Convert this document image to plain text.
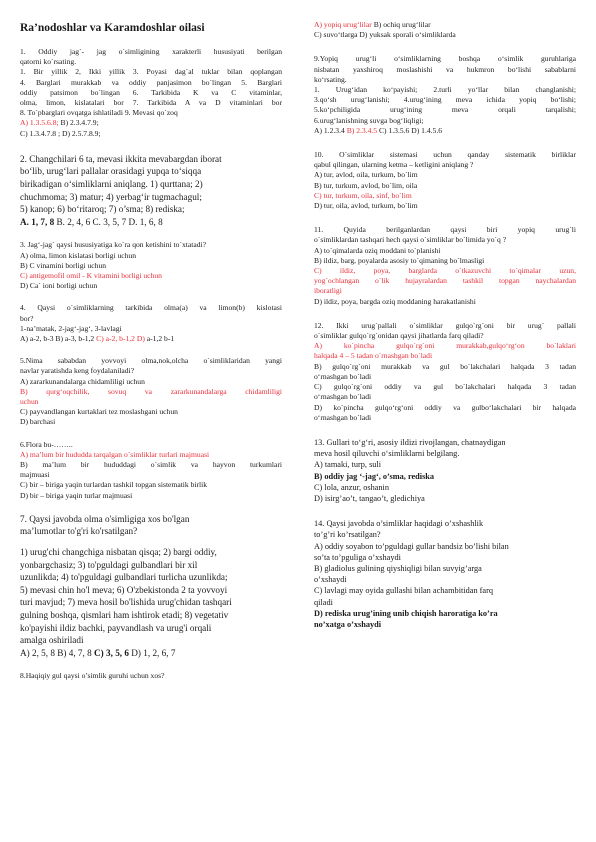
Ra’nodoshlar va Karamdoshlar oilasi
1. Oddiy jag`- jag o`simligining xarakterli hususiyati berilgan
qatorni ko`rsating.
1. Bir yillik 2, Ikki yillik 3. Poyasi dag`al tuklar bilan qoplangan
4. Barglari murakkab va oddiy panjasimon bo`lingan 5. Barglari
oddiy patsimon bo`lingan 6. Tarkibida K va C vitaminlar,
olma, limon, kislatalari bor 7. Tarkibida A va D vitaminlari bor
8. To`pbarglari ovqatga ishlatiladi 9. Mevasi qo`zoq
A) 1.3.5.6.8; B) 2.3.4.7.9;
C) 1.3.4.7.8 ; D) 2.5.7.8.9;
2. Changchilari 6 ta, mevasi ikkita mevabargdan iborat
bo‘lib, urug‘lari pallalar orasidagi yupqa to‘siqqa
birikadigan o‘simliklarni aniqlang. 1) qurttana; 2)
chuchmoma; 3) matur; 4) yerbag‘ir tugmachagul;
5) kanop; 6) bo‘ritaroq; 7) o’sma; 8) rediska;
A. 1, 7, 8 B. 2, 4, 6 C. 3, 5, 7 D. 1, 6, 8
3. Jag‘-jag` qaysi hususiyatiga ko`ra qon ketishini to`xtatadi?
A) olma, limon kislatasi borligi uchun
B) C vinamini borligi uchun
C) antigemofil omil - K vitamini borligi uchun
D) Ca` ioni borligi uchun
4. Qaysi o`simliklarning tarkibida olma(a) va limon(b) kislotasi
bor?
1-na’matak, 2-jag‘-jag‘, 3-lavlagi
A) a-2, b-3 B) a-3, b-1,2 C) a-2, b-1,2 D) a-1,2 b-1
5.Nima sababdan yovvoyi olma,nok,olcha o`simliklaridan yangi
navlar yaratishda keng foydalaniladi?
A) zararkunandalarga chidamliligi uchun
B) qurg‘oqchilik, sovuq va zararkunandalarga chidamliligi
uchun
C) payvandlangan kurtaklari tez moslashgani uchun
D) barchasi
6.Flora bu-……..
A) ma’lum bir hududda tarqalgan o`simliklar turlari majmuasi
B) ma’lum bir hududdagi o`simlik va hayvon turkumlari
majmuasi
C) bir – biriga yaqin turlardan tashkil topgan sistematik birlik
D) bir – biriga yaqin turlar majmuasi
7. Qaysi javobda olma o'simligiga xos bo'lgan
ma’lumotlar to'g'ri ko'rsatilgan?
1) urug'chi changchiga nisbatan qisqa; 2) bargi oddiy,
yonbargchasiz; 3) to'pguldagi gulbandlari bir xil
uzunlikda; 4) to'pguldagi gulbandlari turlicha uzunlikda;
5) mevasi chin ho'l meva; 6) O'zbekistonda 2 ta yovvoyi
turi mavjud; 7) meva hosil bo'lishida urug'chidan tashqari
gulning boshqa, qismlari ham ishtirok etadi; 8) vegetativ
ko'payishi ildiz bachki, payvandlash va urug'i orqali
amalga oshiriladi
A) 2, 5, 8 B) 4, 7, 8 C) 3, 5, 6 D) 1, 2, 6, 7
8.Haqiqiy gul qaysi o’simlik guruhi uchun xos?
A) yopiq urug‘lilar B) ochiq urug‘lilar
C) suvo‘tlarga D) yuksak sporali o‘simliklarda
9.Yopiq urug‘li o‘simliklarning boshqa o‘simlik guruhlariga
nisbatan yaxshiroq moslashishi va hukmron bo‘lishi sabablarni
ko‘rsating.
1. Urug‘idan ko‘payishi; 2.turli yo‘llar bilan changlanishi;
3.qo‘sh urug‘lanishi; 4.urug‘ining meva ichida yopiq bo‘lishi;
5.ko‘pchiligida urug‘ining meva orqali tarqalishi;
6.urug‘lanishning suvga bog‘liqligi;
A) 1.2.3.4 B) 2.3.4.5 C) 1.3.5.6 D) 1.4.5.6
10. O`simliklar sistemasi uchun qanday sistematik birliklar
qabul qilingan, ularning ketma – ketligini aniqlang ?
A) tur, avlod, oila, turkum, bo`lim
B) tur, turkum, avlod, bo`lim, oila
C) tur, turkum, oila, sinf, bo`lim
D) tur, oila, avlod, turkum, bo`lim
11. Quyida berilganlardan qaysi biri yopiq urug`li
o`simliklardan tashqari hech qaysi o`simliklar bo`limida yo`q ?
A) to`qimalarda oziq moddani to`planishi
B) ildiz, barg, poyalarda asosiy to`qimaning bo`lmasligi
C) ildiz, poya, barglarda o`tkazuvchi to`qimalar uzun,
yog`ochlangan o`lik hujayralardan tashkil topgan naychalardan
iboratligi
D) ildiz, poya, bargda oziq moddaning harakatlanishi
12. Ikki urug`pallali o`simliklar gulqo`rg`oni bir urug` pallali
o`simliklar gulqo`rg`onidan qaysi jihatlarda farq qiladi?
A) ko`pincha gulqo`rg`oni murakkab,gulqo‘rg‘on bo`laklari
halqada 4 – 5 tadan o`rnashgan bo`ladi
B) gulqo`rg`oni murakkab va gul bo`lakchalari halqada 3 tadan
o‘rnashgan bo`ladi
C) gulqo`rg`oni oddiy va gul bo`lakchalari halqada 3 tadan
o‘rnashgan bo`ladi
D) ko`pincha gulqo‘rg‘oni oddiy va gulbo‘lakchalari bir halqada
o‘rnashgan bo`ladi
13. Gullari to‘g‘ri, asosiy ildizi rivojlangan, chatnaydigan
meva hosil qiluvchi o‘simliklarni belgilang.
A) tamaki, turp, suli
B) oddiy jag ‘-jag‘, o’sma, rediska
C) lola, anzur, oshanin
D) isirg’ao’t, tangao’t, gledichiya
14. Qaysi javobda o’simliklar haqidagi o’xshashlik
to’g’ri ko’rsatilgan?
A) oddiy soyabon to’pguldagi gullar bandsiz bo’lishi bilan
so’ta to’pguliga o’xshaydi
B) gladiolus gulining qiyshiqligi bilan suvyig’arga
o’xshaydi
C) lavlagi may oyida gullashi bilan achambitidan farq
qiladi
D) rediska urug’ining unib chiqish haroratiga ko’ra
no’xatga o’xshaydi
